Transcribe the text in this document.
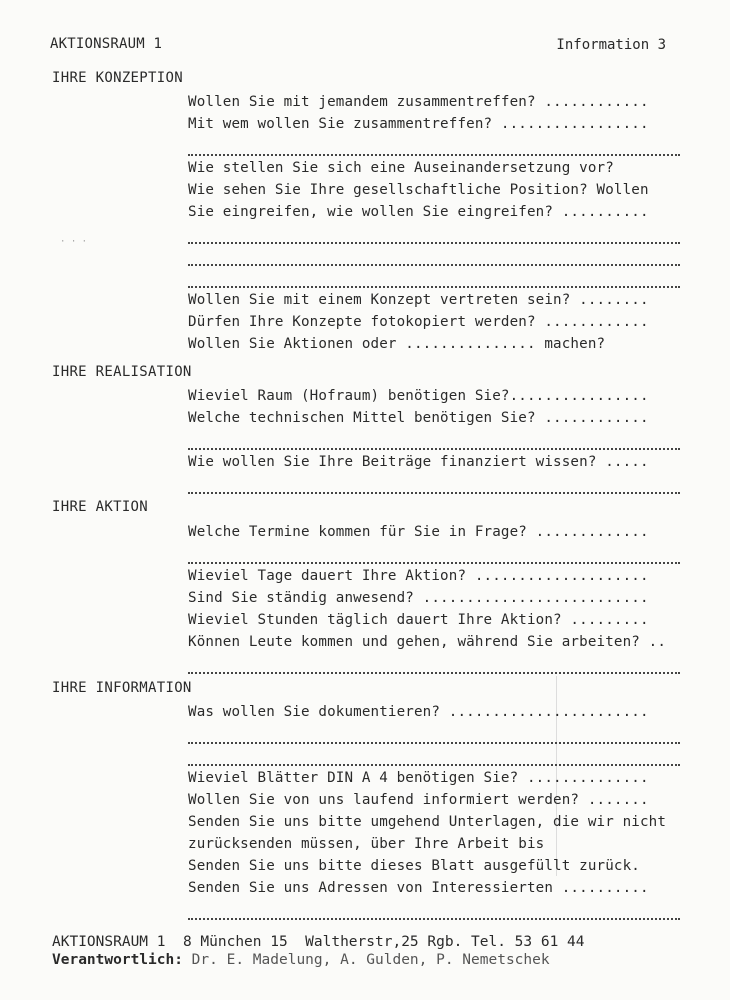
AKTIONSRAUM 1	Information 3
· · ·
IHRE KONZEPTION
Wollen Sie mit jemandem zusammentreffen? ............
Mit wem wollen Sie zusammentreffen? .................
Wie stellen Sie sich eine Auseinandersetzung vor?
Wie sehen Sie Ihre gesellschaftliche Position? Wollen
Sie eingreifen, wie wollen Sie eingreifen? ..........
Wollen Sie mit einem Konzept vertreten sein? ........
Dürfen Ihre Konzepte fotokopiert werden? ............
Wollen Sie Aktionen oder ............... machen?
IHRE REALISATION
Wieviel Raum (Hofraum) benötigen Sie?................
Welche technischen Mittel benötigen Sie? ............
Wie wollen Sie Ihre Beiträge finanziert wissen? .....
IHRE AKTION
Welche Termine kommen für Sie in Frage? .............
Wieviel Tage dauert Ihre Aktion? ....................
Sind Sie ständig anwesend? ..........................
Wieviel Stunden täglich dauert Ihre Aktion? .........
Können Leute kommen und gehen, während Sie arbeiten? ..
IHRE INFORMATION
Was wollen Sie dokumentieren? .......................
Wieviel Blätter DIN A 4 benötigen Sie? ..............
Wollen Sie von uns laufend informiert werden? .......
Senden Sie uns bitte umgehend Unterlagen, die wir nicht
zurücksenden müssen, über Ihre Arbeit bis
Senden Sie uns bitte dieses Blatt ausgefüllt zurück.
Senden Sie uns Adressen von Interessierten ..........
AKTIONSRAUM 1  8 München 15  Waltherstr,25 Rgb. Tel. 53 61 44
Verantwortlich: Dr. E. Madelung, A. Gulden, P. Nemetschek
